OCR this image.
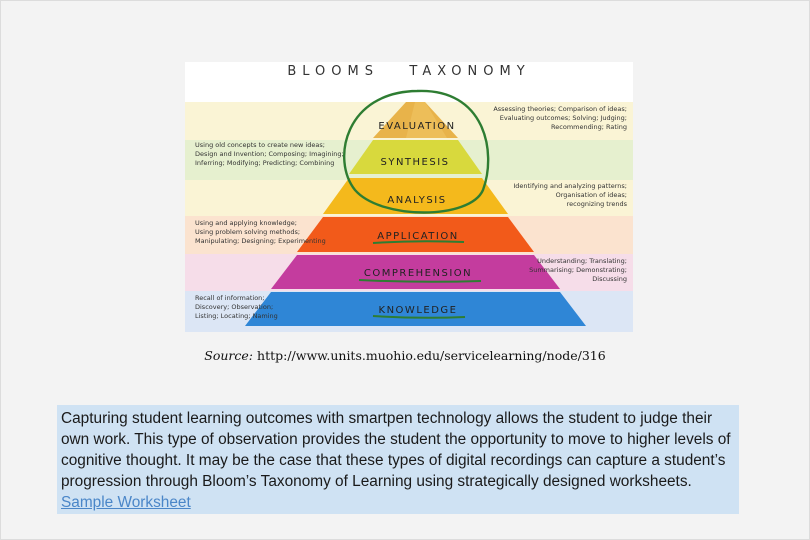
BLOOMS   TAXONOMY
EVALUATION
SYNTHESIS
ANALYSIS
APPLICATION
COMPREHENSION
KNOWLEDGE
Using old concepts to create new ideas;
Design and Invention; Composing; Imagining;
Inferring; Modifying; Predicting; Combining
Using and applying knowledge;
Using problem solving methods;
Manipulating; Designing; Experimenting
Recall of information;
Discovery; Observation;
Listing; Locating; Naming
Assessing theories; Comparison of ideas;
Evaluating outcomes; Solving; Judging;
Recommending; Rating
Identifying and analyzing patterns;
Organisation of ideas;
recognizing trends
Understanding; Translating;
Summarising; Demonstrating;
Discussing
Source: http://www.units.muohio.edu/servicelearning/node/316
Capturing student learning outcomes with smartpen technology allows the student to judge their own work. This type of observation provides the student the opportunity to move to higher levels of cognitive thought. It may be the case that these types of digital recordings can capture a student’s progression through Bloom’s Taxonomy of Learning using strategically designed worksheets.   Sample Worksheet
